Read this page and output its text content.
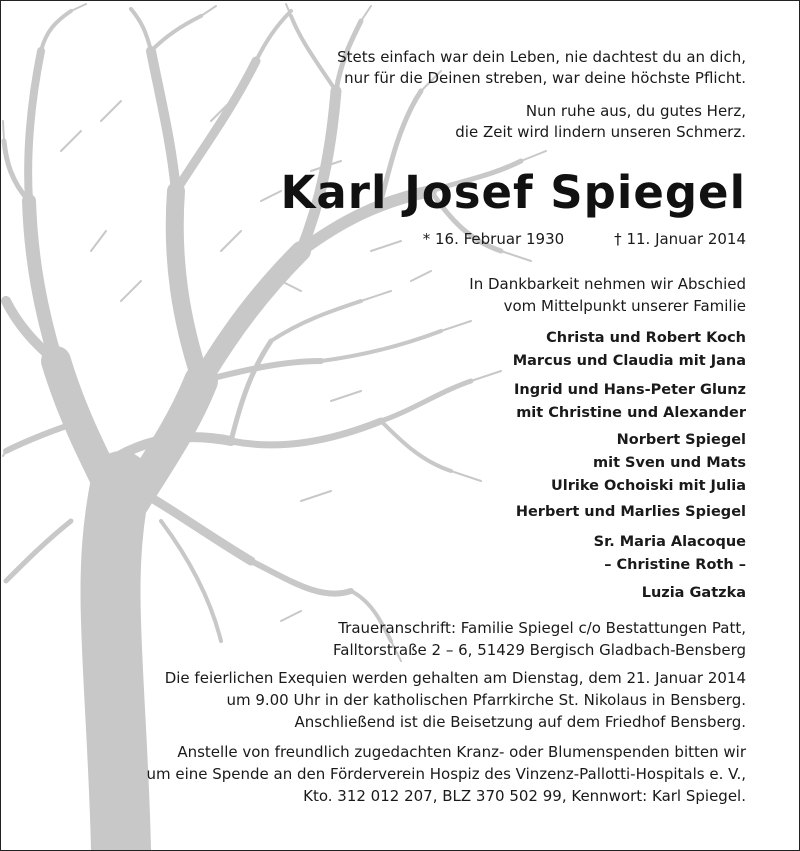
Stets einfach war dein Leben, nie dachtest du an dich,
nur für die Deinen streben, war deine höchste Pflicht.
Nun ruhe aus, du gutes Herz,
die Zeit wird lindern unseren Schmerz.
Karl Josef Spiegel
* 16. Februar 1930	† 11. Januar 2014
In Dankbarkeit nehmen wir Abschied
vom Mittelpunkt unserer Familie
Christa und Robert Koch
Marcus und Claudia mit Jana
Ingrid und Hans-Peter Glunz
mit Christine und Alexander
Norbert Spiegel
mit Sven und Mats
Ulrike Ochoiski mit Julia
Herbert und Marlies Spiegel
Sr. Maria Alacoque
– Christine Roth –
Luzia Gatzka
Traueranschrift: Familie Spiegel c/o Bestattungen Patt,
Falltorstraße 2 – 6, 51429 Bergisch Gladbach-Bensberg
Die feierlichen Exequien werden gehalten am Dienstag, dem 21. Januar 2014
um 9.00 Uhr in der katholischen Pfarrkirche St. Nikolaus in Bensberg.
Anschließend ist die Beisetzung auf dem Friedhof Bensberg.
Anstelle von freundlich zugedachten Kranz- oder Blumenspenden bitten wir
um eine Spende an den Förderverein Hospiz des Vinzenz-Pallotti-Hospitals e. V.,
Kto. 312 012 207, BLZ 370 502 99, Kennwort: Karl Spiegel.
